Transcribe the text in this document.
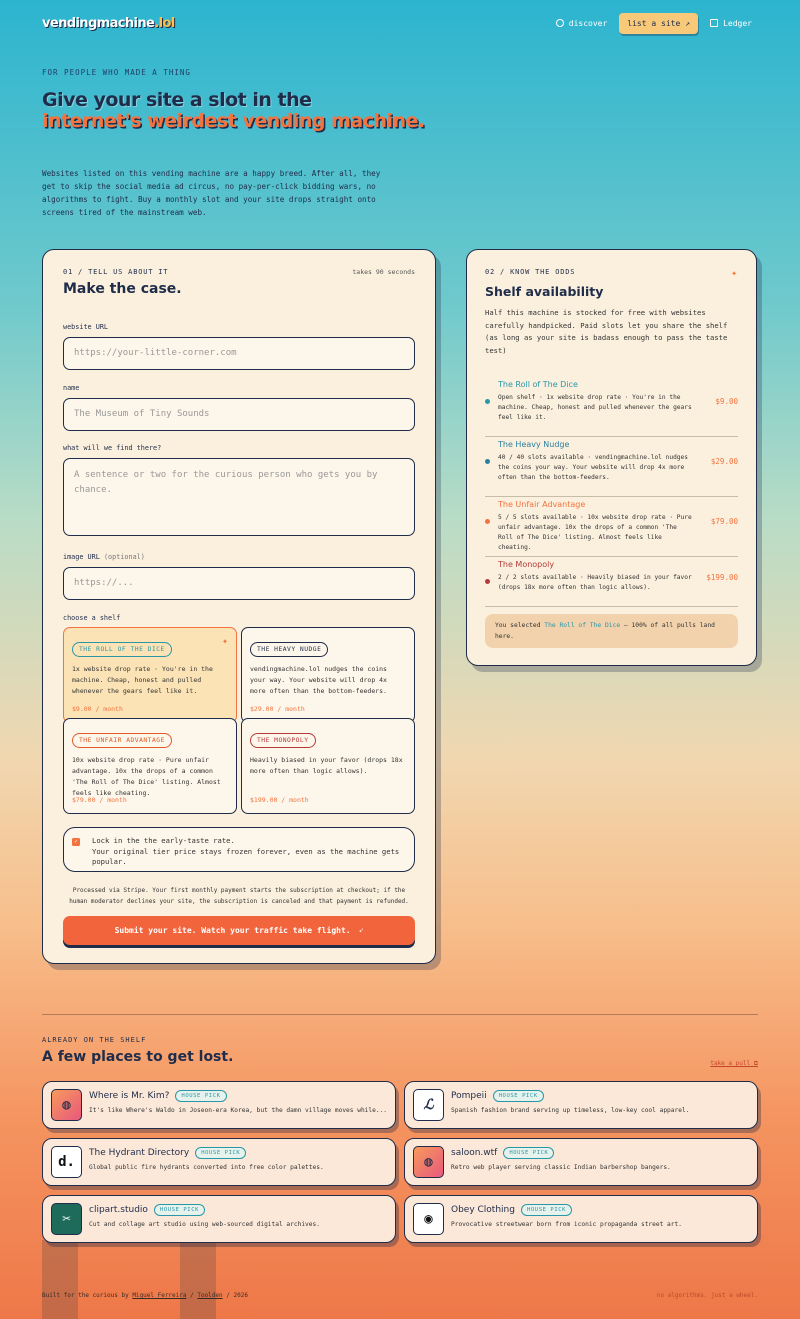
vendingmachine.lol	discover	list a site ↗	Ledger
FOR PEOPLE WHO MADE A THING
Give your site a slot in the
internet's weirdest vending machine.
Websites listed on this vending machine are a happy breed. After all, they get to skip the social media ad circus, no pay-per-click bidding wars, no algorithms to fight. Buy a monthly slot and your site drops straight onto screens tired of the mainstream web.
01 / TELL US ABOUT IT	takes 90 seconds
Make the case.
website URL
https://your-little-corner.com
name
The Museum of Tiny Sounds
what will we find there?
A sentence or two for the curious person who gets you by chance.
image URL (optional)
https://...
choose a shelf
THE ROLL OF THE DICE
✦
1x website drop rate · You're in the machine. Cheap, honest and pulled whenever the gears feel like it.
$9.00 / month
THE HEAVY NUDGE
vendingmachine.lol nudges the coins your way. Your website will drop 4x more often than the bottom-feeders.
$29.00 / month
THE UNFAIR ADVANTAGE
10x website drop rate · Pure unfair advantage. 10x the drops of a common 'The Roll of The Dice' listing. Almost feels like cheating.
$79.00 / month
THE MONOPOLY
Heavily biased in your favor (drops 18x more often than logic allows).
$199.00 / month
✓	Lock in the the early-taste rate.
Your original tier price stays frozen forever, even as the machine gets popular.
Processed via Stripe. Your first monthly payment starts the subscription at checkout; if the human moderator declines your site, the subscription is canceled and that payment is refunded.
Submit your site. Watch your traffic take flight. ➶
02 / KNOW THE ODDS	✦
Shelf availability
Half this machine is stocked for free with websites carefully handpicked. Paid slots let you share the shelf (as long as your site is badass enough to pass the taste test)
The Roll of The Dice
Open shelf · 1x website drop rate · You're in the machine. Cheap, honest and pulled whenever the gears feel like it.
$9.00
The Heavy Nudge
40 / 40 slots available · vendingmachine.lol nudges the coins your way. Your website will drop 4x more often than the bottom-feeders.
$29.00
The Unfair Advantage
5 / 5 slots available · 10x website drop rate · Pure unfair advantage. 10x the drops of a common 'The Roll of The Dice' listing. Almost feels like cheating.
$79.00
The Monopoly
2 / 2 slots available · Heavily biased in your favor (drops 18x more often than logic allows).
$199.00
You selected The Roll of The Dice — 100% of all pulls land here.
ALREADY ON THE SHELF
A few places to get lost.	take a pull ⧉
◍
Where is Mr. Kim?	HOUSE PICK
It's like Where's Waldo in Joseon-era Korea, but the damn village moves while...	ℒ
Pompeii	HOUSE PICK
Spanish fashion brand serving up timeless, low-key cool apparel.
d.
The Hydrant Directory	HOUSE PICK
Global public fire hydrants converted into free color palettes.	◍
saloon.wtf	HOUSE PICK
Retro web player serving classic Indian barbershop bangers.
✂
clipart.studio	HOUSE PICK
Cut and collage art studio using web-sourced digital archives.	◉
Obey Clothing	HOUSE PICK
Provocative streetwear born from iconic propaganda street art.
Built for the curious by Miguel Ferreira / Toolden / 2026	no algorithms. just a wheel.
